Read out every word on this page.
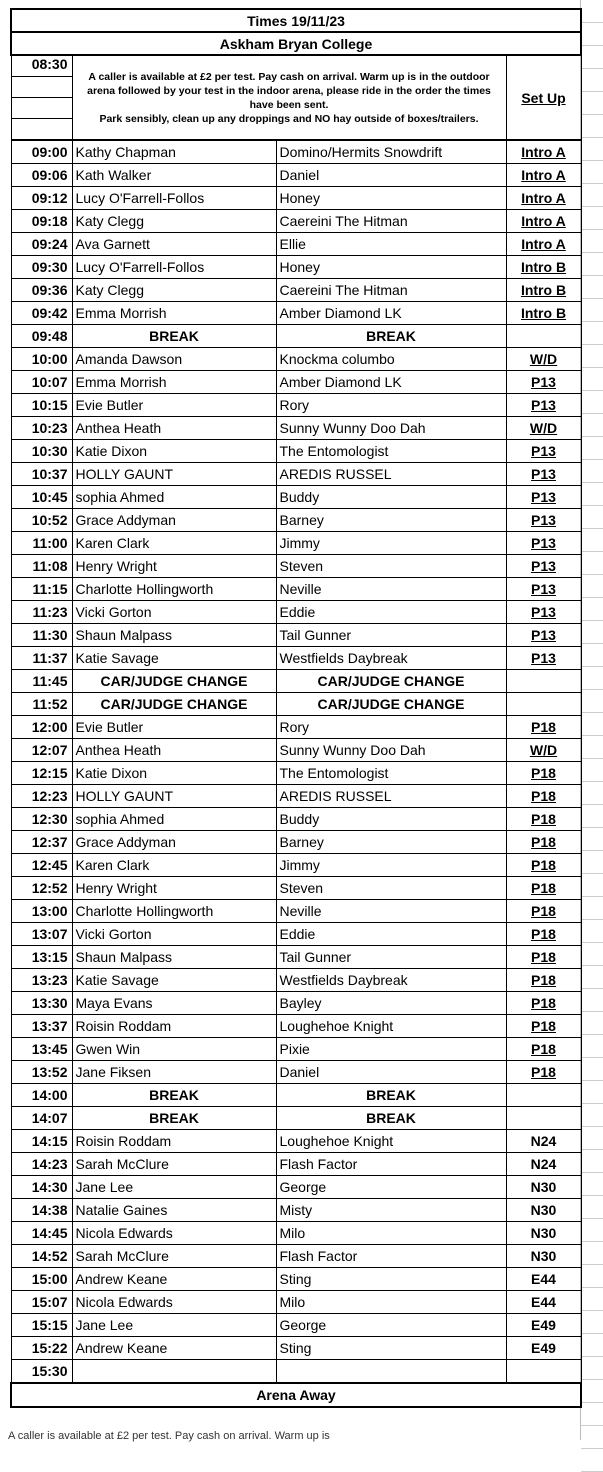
Times 19/11/23			
Askham Bryan College			
08:30	A caller is available at £2 per test. Pay cash on arrival. Warm up is in the outdoor arena followed by your test in the indoor arena, please ride in the order the times have been sent.
Park sensibly, clean up any droppings and NO hay outside of boxes/trailers.		Set Up

09:00	Kathy Chapman	Domino/Hermits Snowdrift	Intro A
09:06	Kath Walker	Daniel	Intro A
09:12	Lucy O'Farrell-Follos	Honey	Intro A
09:18	Katy Clegg	Caereini The Hitman	Intro A
09:24	Ava Garnett	Ellie	Intro A
09:30	Lucy O'Farrell-Follos	Honey	Intro B
09:36	Katy Clegg	Caereini The Hitman	Intro B
09:42	Emma Morrish	Amber Diamond LK	Intro B
09:48	BREAK	BREAK	
10:00	Amanda Dawson	Knockma columbo	W/D
10:07	Emma Morrish	Amber Diamond LK	P13
10:15	Evie Butler	Rory	P13
10:23	Anthea Heath	Sunny Wunny Doo Dah	W/D
10:30	Katie Dixon	The Entomologist	P13
10:37	HOLLY GAUNT	AREDIS RUSSEL	P13
10:45	sophia Ahmed	Buddy	P13
10:52	Grace Addyman	Barney	P13
11:00	Karen Clark	Jimmy	P13
11:08	Henry Wright	Steven	P13
11:15	Charlotte Hollingworth	Neville	P13
11:23	Vicki Gorton	Eddie	P13
11:30	Shaun Malpass	Tail Gunner	P13
11:37	Katie Savage	Westfields Daybreak	P13
11:45	CAR/JUDGE CHANGE	CAR/JUDGE CHANGE	
11:52	CAR/JUDGE CHANGE	CAR/JUDGE CHANGE	
12:00	Evie Butler	Rory	P18
12:07	Anthea Heath	Sunny Wunny Doo Dah	W/D
12:15	Katie Dixon	The Entomologist	P18
12:23	HOLLY GAUNT	AREDIS RUSSEL	P18
12:30	sophia Ahmed	Buddy	P18
12:37	Grace Addyman	Barney	P18
12:45	Karen Clark	Jimmy	P18
12:52	Henry Wright	Steven	P18
13:00	Charlotte Hollingworth	Neville	P18
13:07	Vicki Gorton	Eddie	P18
13:15	Shaun Malpass	Tail Gunner	P18
13:23	Katie Savage	Westfields Daybreak	P18
13:30	Maya Evans	Bayley	P18
13:37	Roisin Roddam	Loughehoe Knight	P18
13:45	Gwen Win	Pixie	P18
13:52	Jane Fiksen	Daniel	P18
14:00	BREAK	BREAK	
14:07	BREAK	BREAK	
14:15	Roisin Roddam	Loughehoe Knight	N24
14:23	Sarah McClure	Flash Factor	N24
14:30	Jane Lee	George	N30
14:38	Natalie Gaines	Misty	N30
14:45	Nicola Edwards	Milo	N30
14:52	Sarah McClure	Flash Factor	N30
15:00	Andrew Keane	Sting	E44
15:07	Nicola Edwards	Milo	E44
15:15	Jane Lee	George	E49
15:22	Andrew Keane	Sting	E49
15:30			
Arena Away			
A caller is available at £2 per test. Pay cash on arrival. Warm up is
